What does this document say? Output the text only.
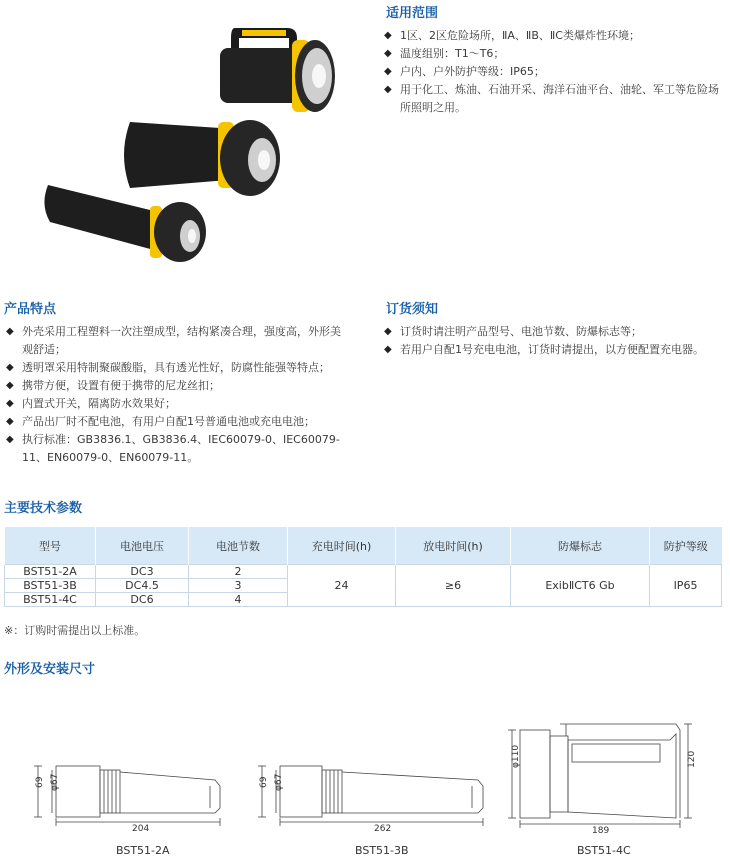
适用范围
◆ 1区、2区危险场所，ⅡA、ⅡB、ⅡC类爆炸性环境；
◆ 温度组别：T1～T6；
◆ 户内、户外防护等级：IP65；
◆ 用于化工、炼油、石油开采、海洋石油平台、油轮、军工等危险场所照明之用。
产品特点
◆ 外壳采用工程塑料一次注塑成型，结构紧凑合理，强度高，外形美观舒适；
◆ 透明罩采用特制聚碳酸脂，具有透光性好，防腐性能强等特点；
◆ 携带方便，设置有便于携带的尼龙丝扣；
◆ 内置式开关，隔离防水效果好；
◆ 产品出厂时不配电池，有用户自配1号普通电池或充电电池；
◆ 执行标准：GB3836.1、GB3836.4、IEC60079-0、IEC60079-11、EN60079-0、EN60079-11。
订货须知
◆ 订货时请注明产品型号、电池节数、防爆标志等；
◆ 若用户自配1号充电电池，订货时请提出，以方便配置充电器。
主要技术参数
型号	电池电压	电池节数	充电时间(h)	放电时间(h)	防爆标志	防护等级
BST51-2A	DC3	2	24	≥6	ExibⅡCT6 Gb	IP65
BST51-3B	DC4.5	3				
BST51-4C	DC6	4				
※：订购时需提出以上标准。
外形及安装尺寸
69 φ67
204
BST51-2A
69 φ67
262
BST51-3B
φ110	120
189
BST51-4C
